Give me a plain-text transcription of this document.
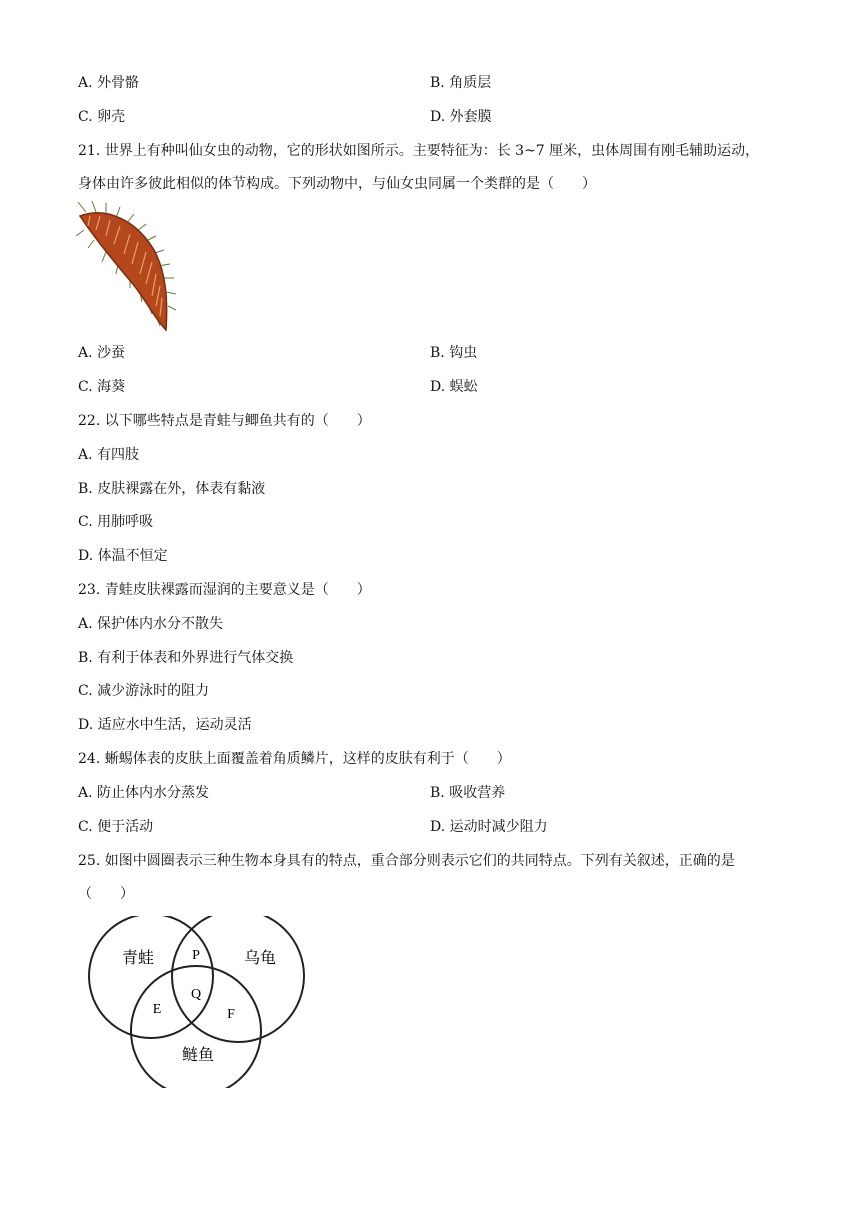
A. 外骨骼	B. 角质层
C. 卵壳	D. 外套膜
21. 世界上有种叫仙女虫的动物，它的形状如图所示。主要特征为：长 3~7 厘米，虫体周围有刚毛辅助运动，
身体由许多彼此相似的体节构成。下列动物中，与仙女虫同属一个类群的是（　　）
A. 沙蚕	B. 钩虫
C. 海葵	D. 蜈蚣
22. 以下哪些特点是青蛙与鲫鱼共有的（　　）
A. 有四肢
B. 皮肤裸露在外，体表有黏液
C. 用肺呼吸
D. 体温不恒定
23. 青蛙皮肤裸露而湿润的主要意义是（　　）
A. 保护体内水分不散失
B. 有利于体表和外界进行气体交换
C. 减少游泳时的阻力
D. 适应水中生活，运动灵活
24. 蜥蜴体表的皮肤上面覆盖着角质鳞片，这样的皮肤有利于（　　）
A. 防止体内水分蒸发	B. 吸收营养
C. 便于活动	D. 运动时减少阻力
25. 如图中圆圈表示三种生物本身具有的特点，重合部分则表示它们的共同特点。下列有关叙述，正确的是
（　　）
青蛙	乌龟
鲢鱼
P
Q
E	F
